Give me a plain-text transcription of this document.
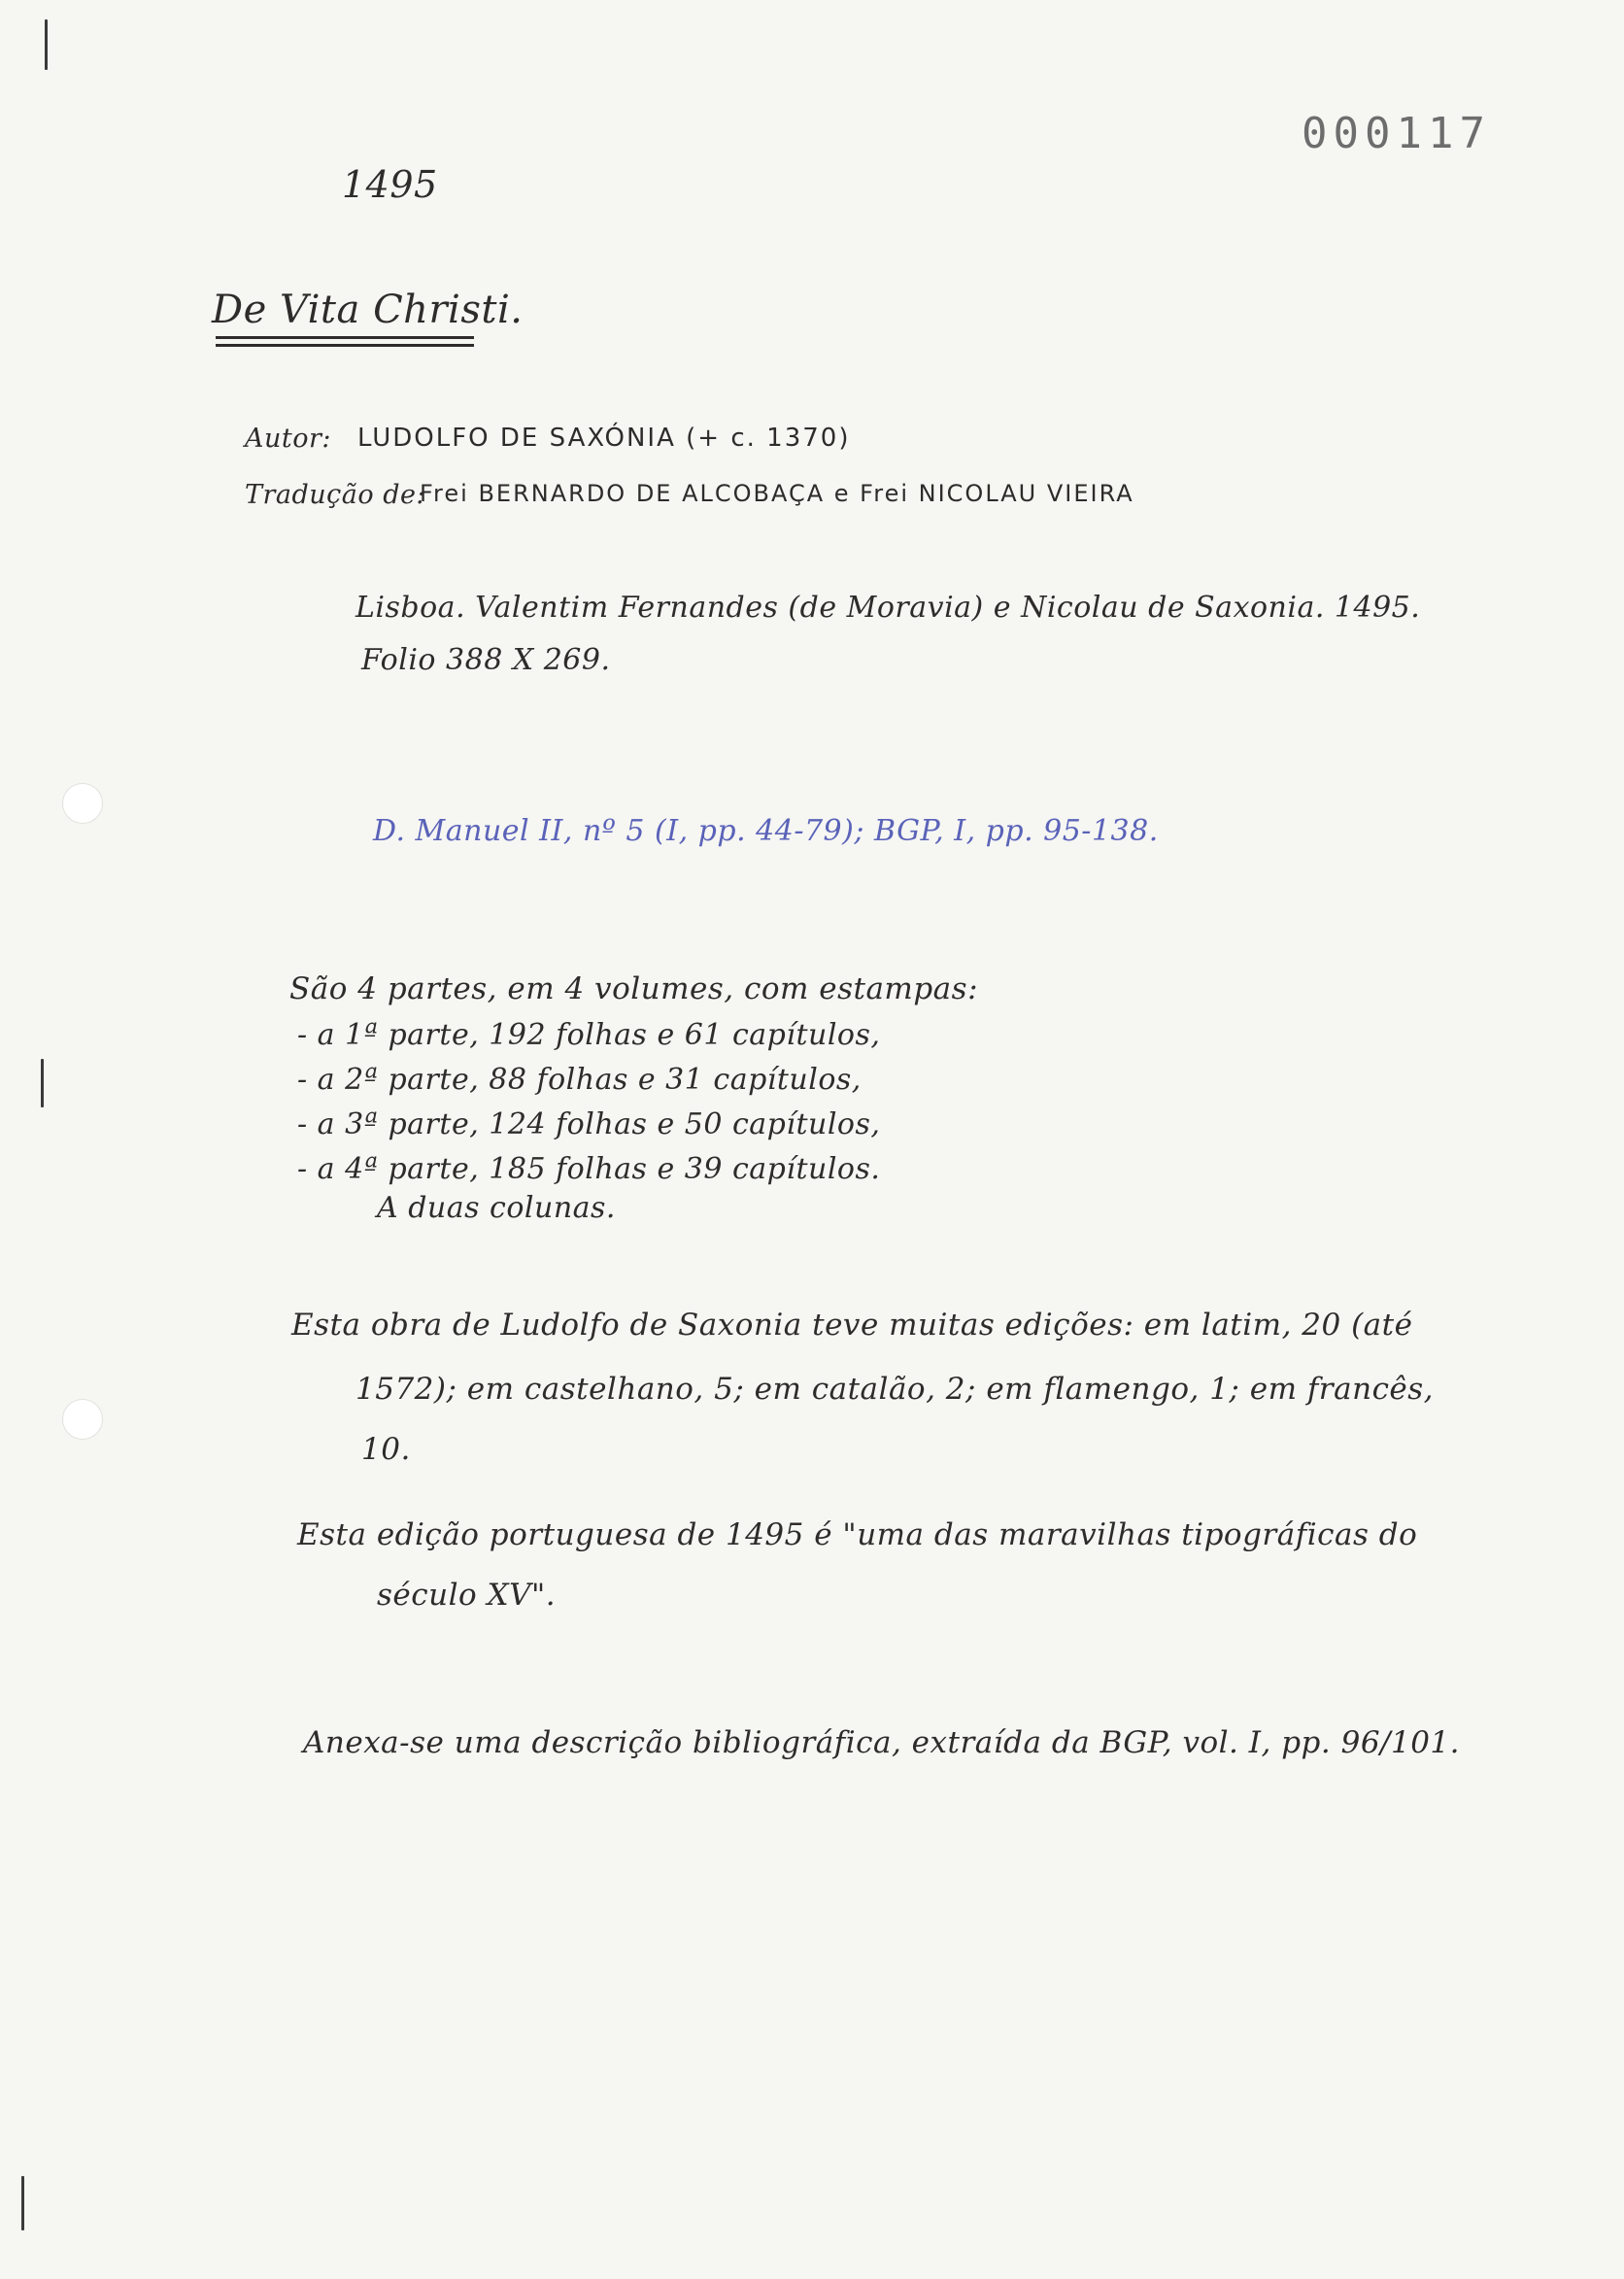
000117
1495
De Vita Christi.
Autor: LUDOLFO DE SAXÓNIA (+ c. 1370)
Tradução de:
Frei BERNARDO DE ALCOBAÇA e Frei NICOLAU VIEIRA
Lisboa. Valentim Fernandes (de Moravia) e Nicolau de Saxonia. 1495.
Folio 388 X 269.
D. Manuel II, nº 5 (I, pp. 44-79); BGP, I, pp. 95-138.
São 4 partes, em 4 volumes, com estampas:
- a 1ª parte, 192 folhas e 61 capítulos,
- a 2ª parte, 88 folhas e 31 capítulos,
- a 3ª parte, 124 folhas e 50 capítulos,
- a 4ª parte, 185 folhas e 39 capítulos.
A duas colunas.
Esta obra de Ludolfo de Saxonia teve muitas edições: em latim, 20 (até
1572); em castelhano, 5; em catalão, 2; em flamengo, 1; em francês,
10.
Esta edição portuguesa de 1495 é "uma das maravilhas tipográficas do
século XV".
Anexa-se uma descrição bibliográfica, extraída da BGP, vol. I, pp. 96/101.
